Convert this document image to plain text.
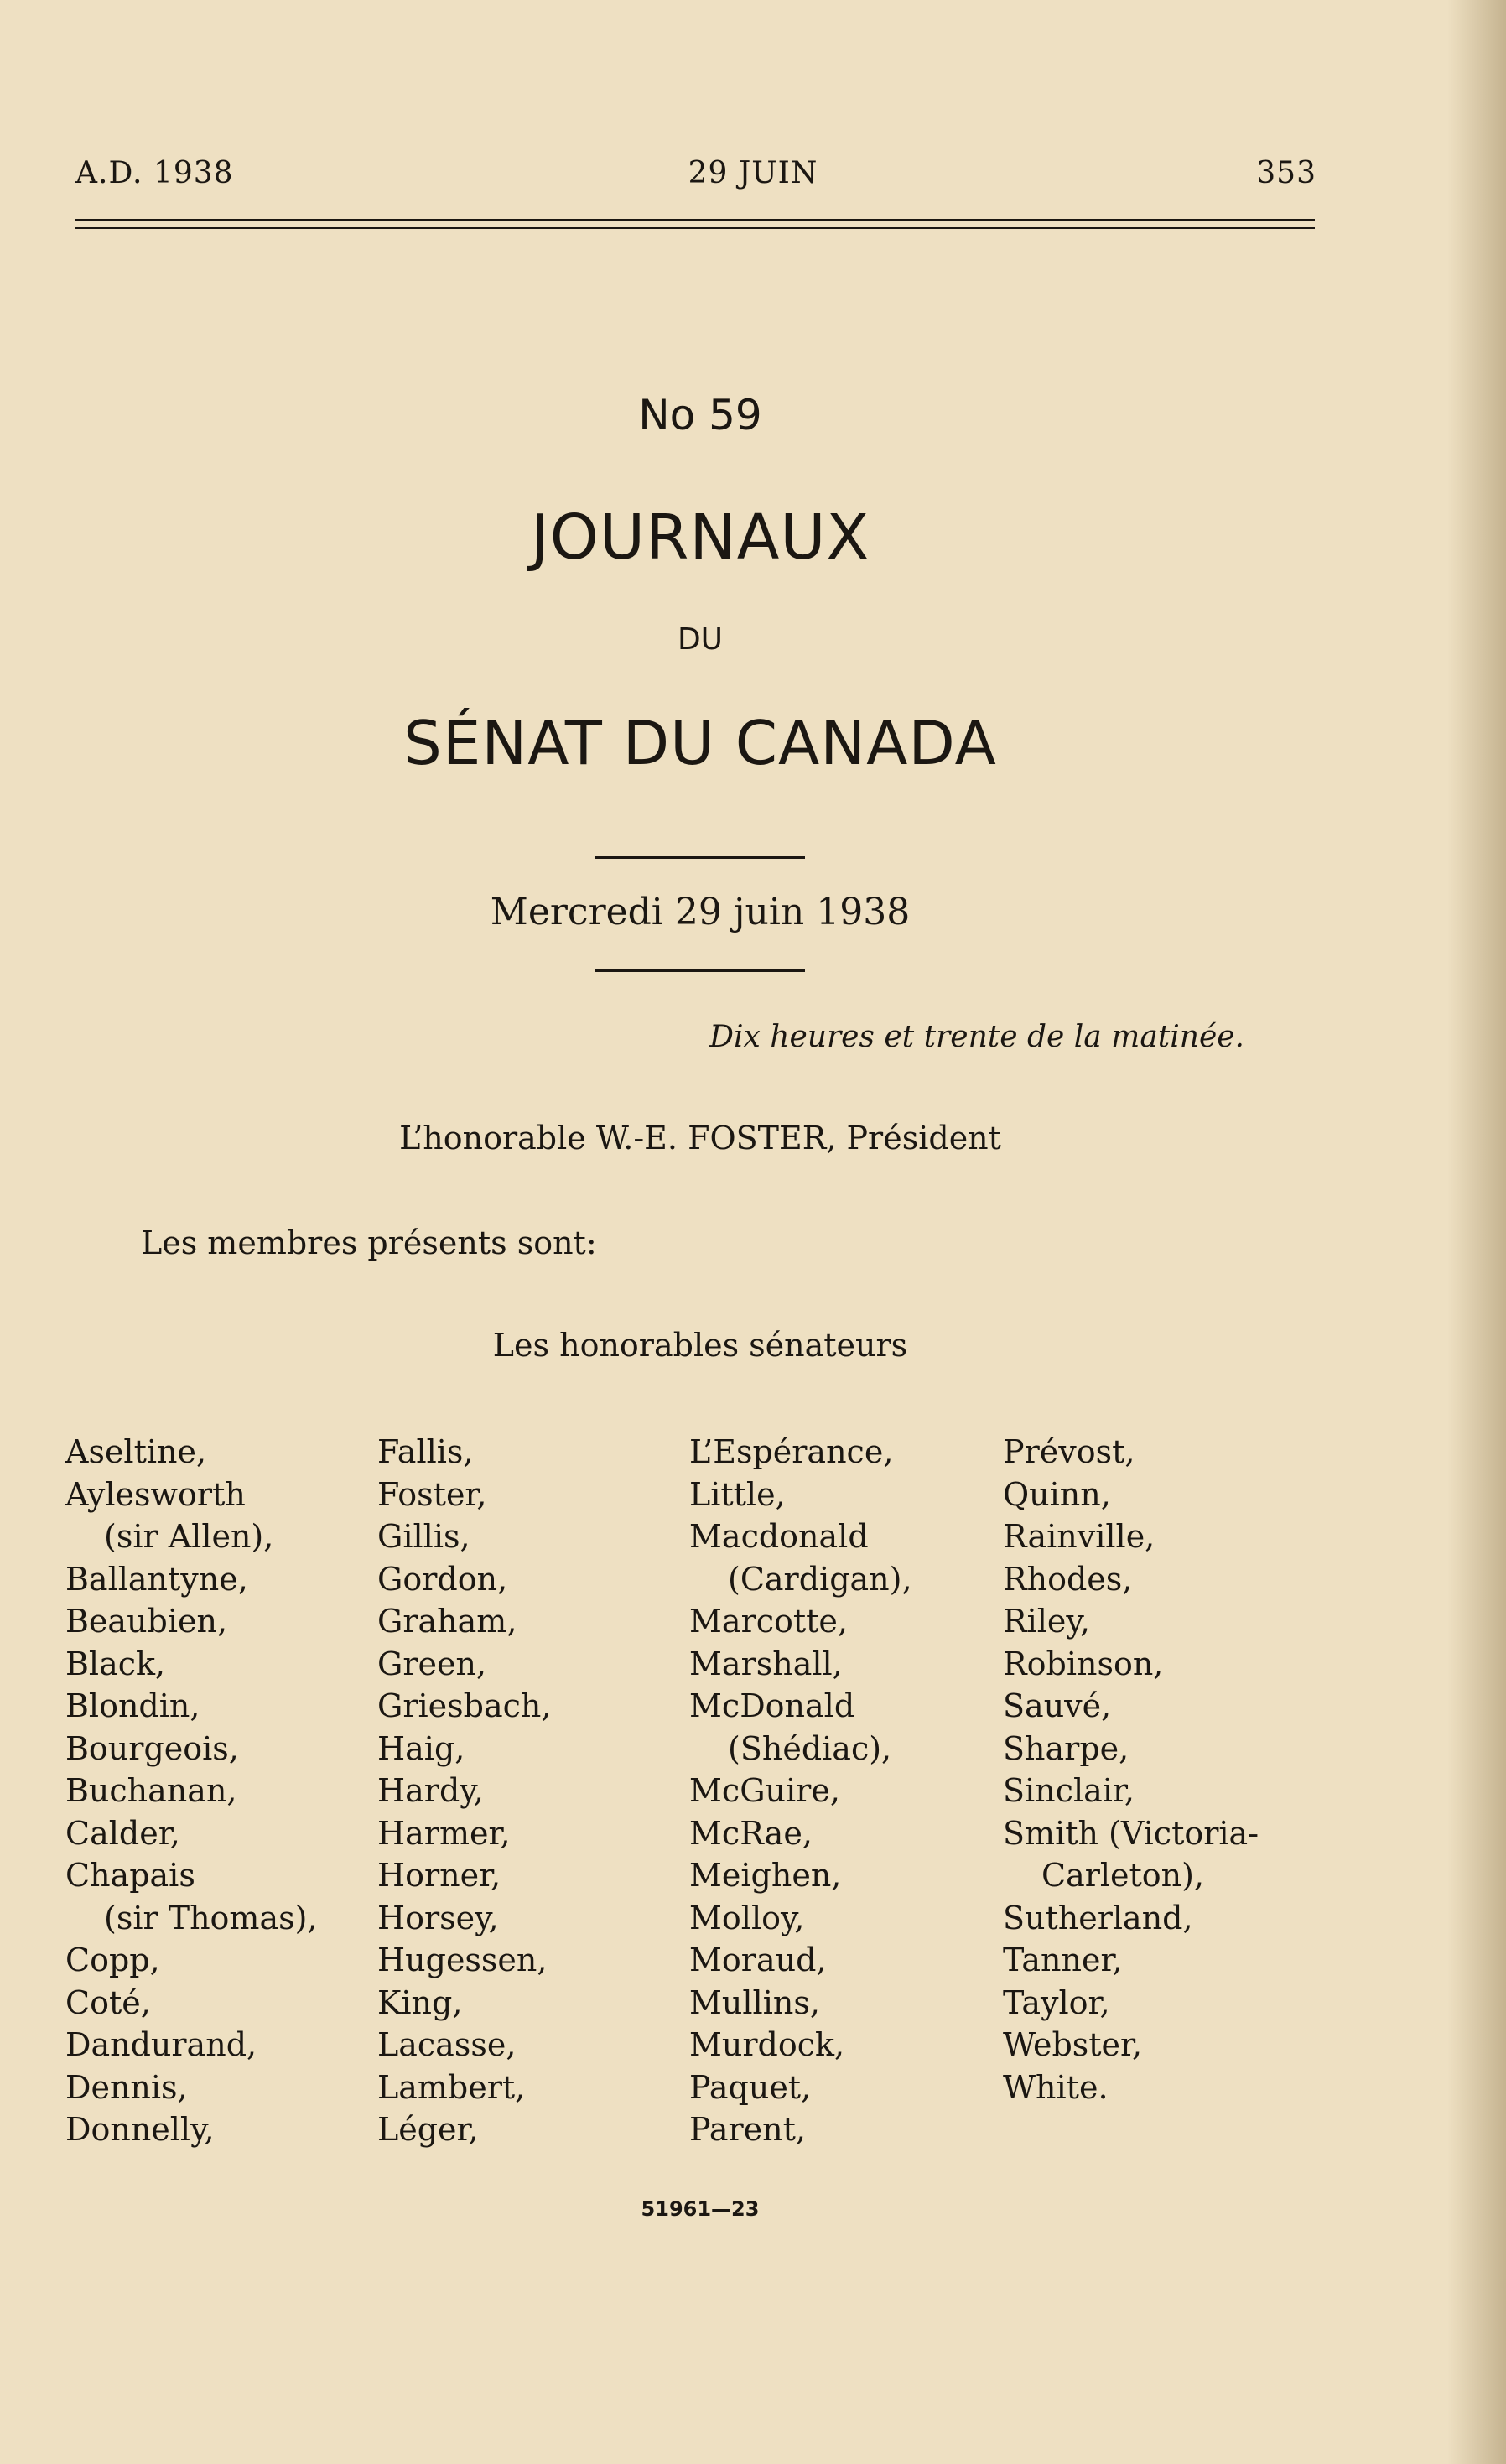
A.D. 1938	29 JUIN	353
No 59
JOURNAUX
DU
SÉNAT DU CANADA
Mercredi 29 juin 1938
Dix heures et trente de la matinée.
L’honorable W.-E. FOSTER, Président
Les membres présents sont:
Les honorables sénateurs
Aseltine,
Aylesworth
(sir Allen),
Ballantyne,
Beaubien,
Black,
Blondin,
Bourgeois,
Buchanan,
Calder,
Chapais
(sir Thomas),
Copp,
Coté,
Dandurand,
Dennis,
Donnelly,
Fallis,
Foster,
Gillis,
Gordon,
Graham,
Green,
Griesbach,
Haig,
Hardy,
Harmer,
Horner,
Horsey,
Hugessen,
King,
Lacasse,
Lambert,
Léger,
L’Espérance,
Little,
Macdonald
(Cardigan),
Marcotte,
Marshall,
McDonald
(Shédiac),
McGuire,
McRae,
Meighen,
Molloy,
Moraud,
Mullins,
Murdock,
Paquet,
Parent,
Prévost,
Quinn,
Rainville,
Rhodes,
Riley,
Robinson,
Sauvé,
Sharpe,
Sinclair,
Smith (Victoria-
Carleton),
Sutherland,
Tanner,
Taylor,
Webster,
White.
51961—23
